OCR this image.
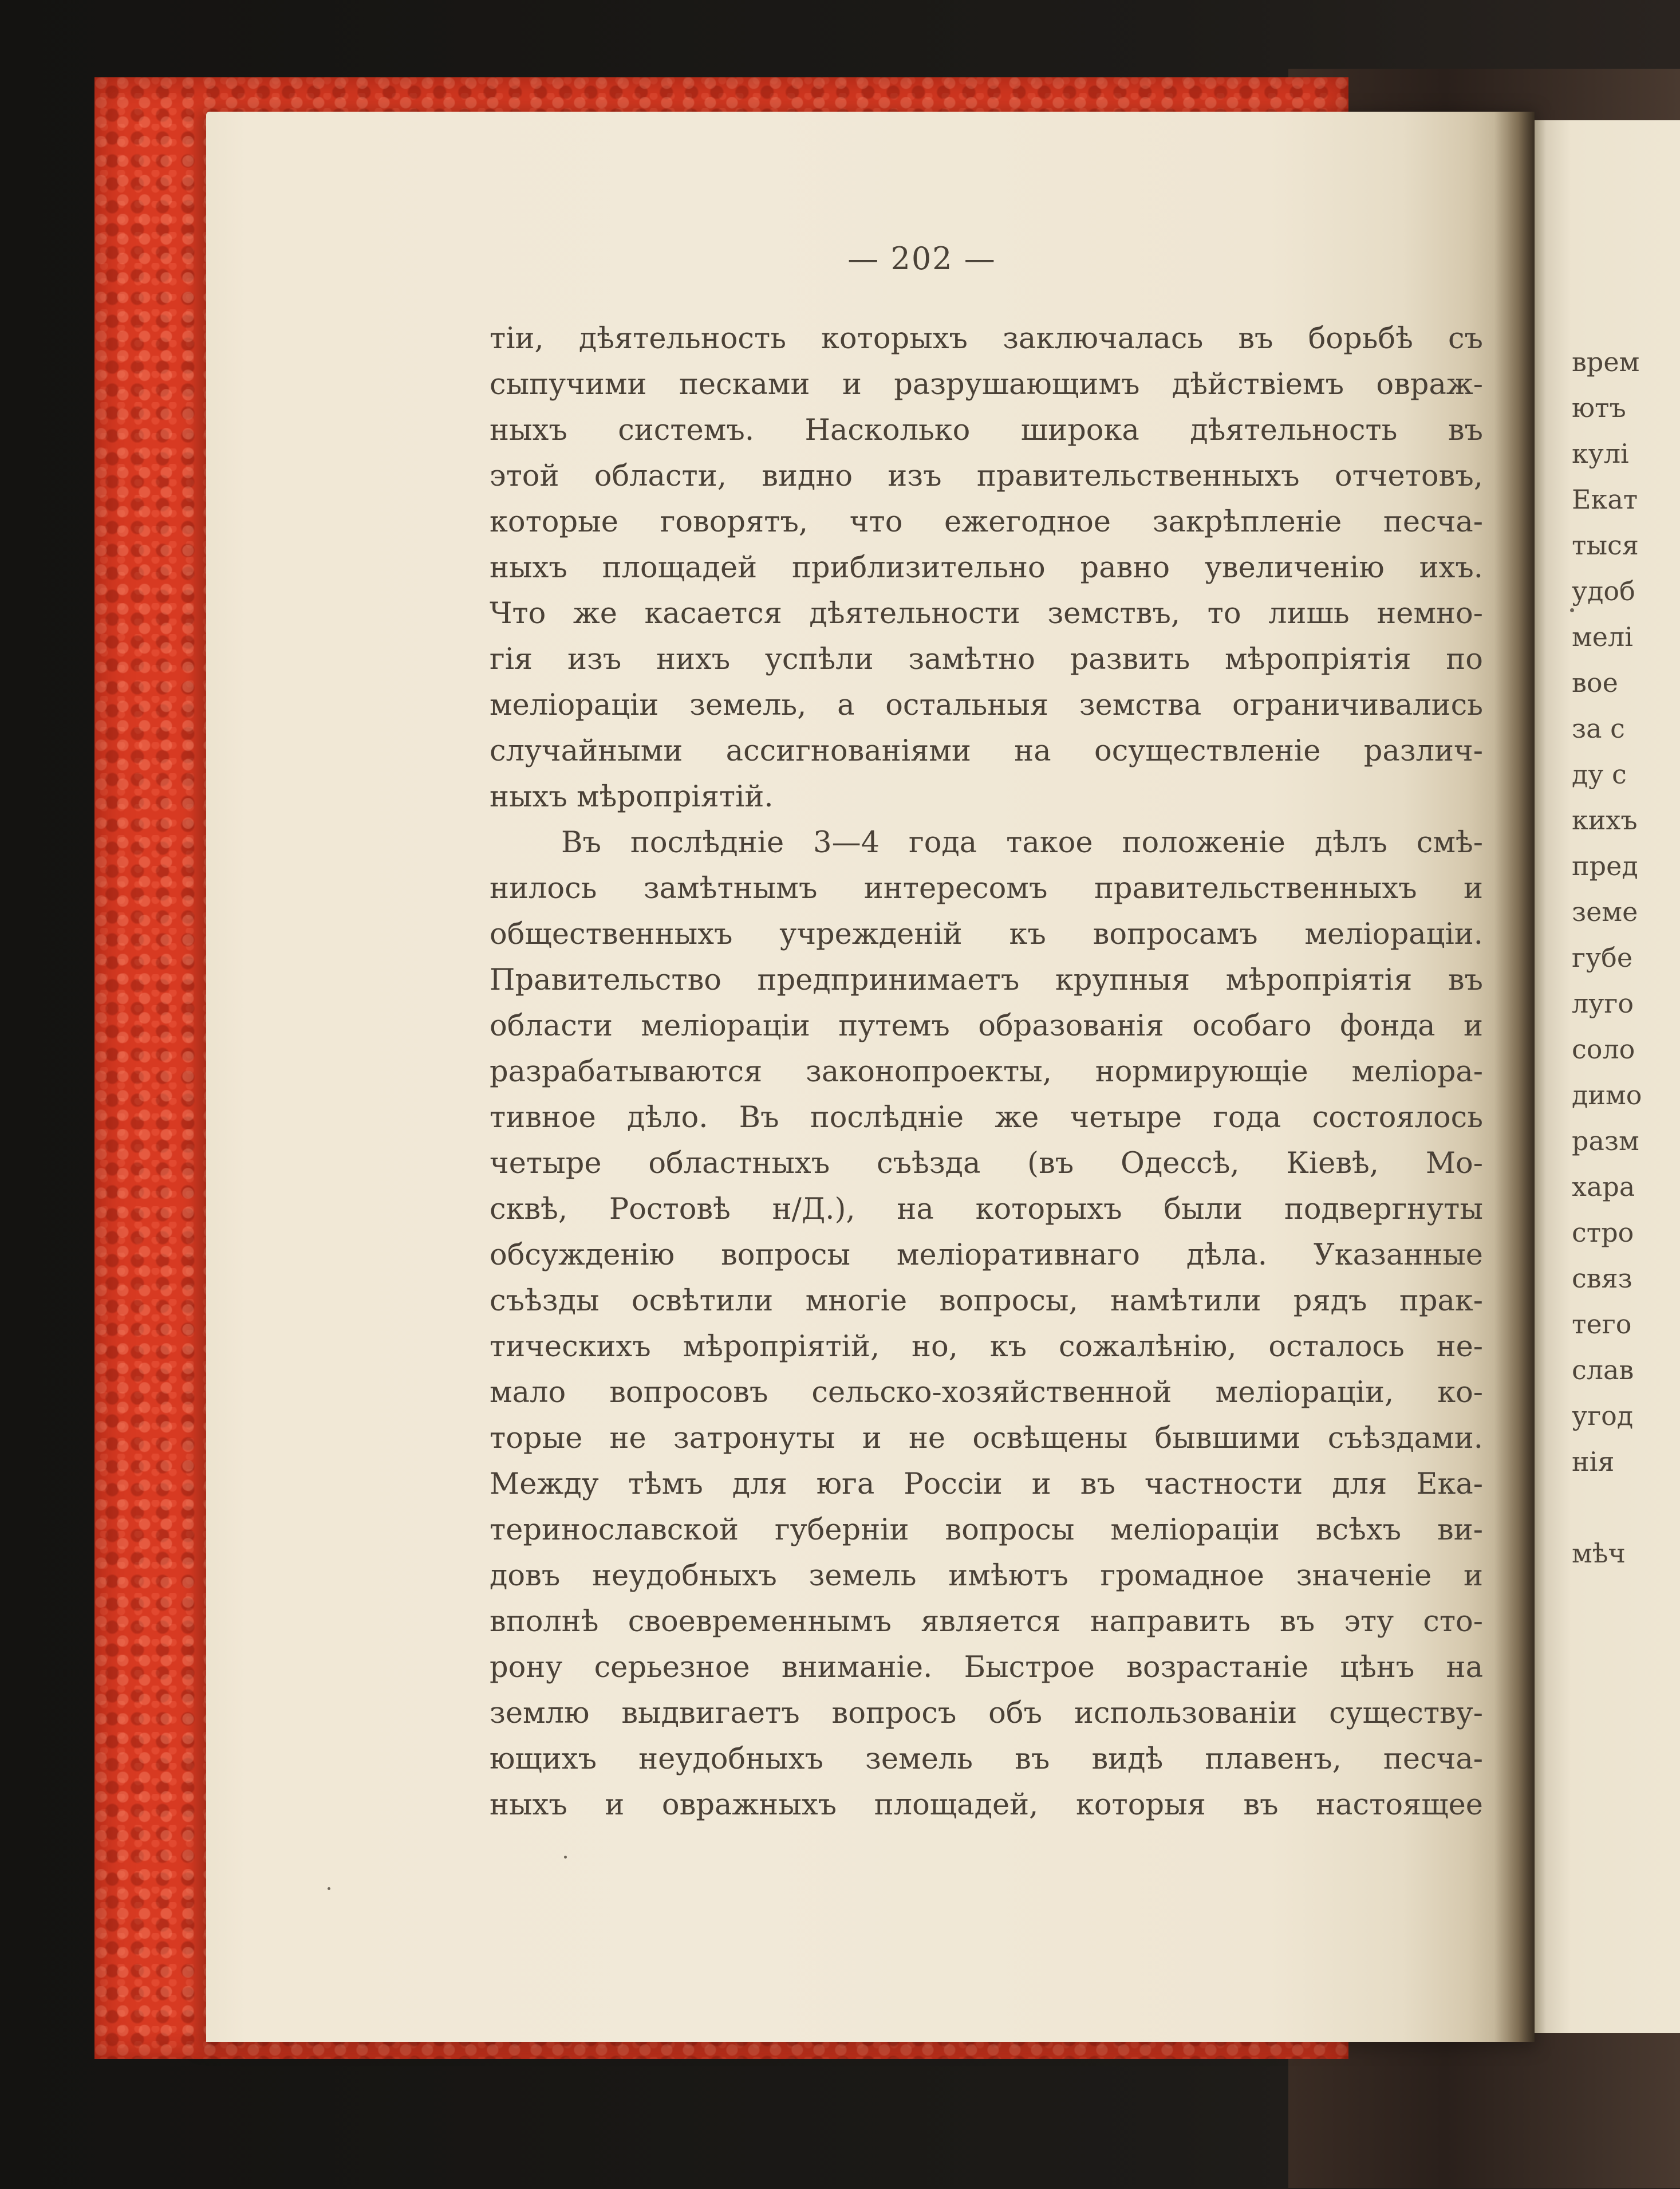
— 202 —
тіи, дѣятельность которыхъ заключалась въ борьбѣ съ
сыпучими песками и разрушающимъ дѣйствіемъ овраж-
ныхъ системъ. Насколько широка дѣятельность въ
этой области, видно изъ правительственныхъ отчетовъ,
которые говорятъ, что ежегодное закрѣпленіе песча-
ныхъ площадей приблизительно равно увеличенію ихъ.
Что же касается дѣятельности земствъ, то лишь немно-
гія изъ нихъ успѣли замѣтно развить мѣропріятія по
меліораціи земель, а остальныя земства ограничивались
случайными ассигнованіями на осуществленіе различ-
ныхъ мѣропріятій.
Въ послѣдніе 3—4 года такое положеніе дѣлъ смѣ-
нилось замѣтнымъ интересомъ правительственныхъ и
общественныхъ учрежденій къ вопросамъ меліораціи.
Правительство предпринимаетъ крупныя мѣропріятія въ
области меліораціи путемъ образованія особаго фонда и
разрабатываются законопроекты, нормирующіе меліора-
тивное дѣло. Въ послѣдніе же четыре года состоялось
четыре областныхъ съѣзда (въ Одессѣ, Кіевѣ, Мо-
сквѣ, Ростовѣ н/Д.), на которыхъ были подвергнуты
обсужденію вопросы меліоративнаго дѣла. Указанные
съѣзды освѣтили многіе вопросы, намѣтили рядъ прак-
тическихъ мѣропріятій, но, къ сожалѣнію, осталось не-
мало вопросовъ сельско-хозяйственной меліораціи, ко-
торые не затронуты и не освѣщены бывшими съѣздами.
Между тѣмъ для юга Россіи и въ частности для Ека-
теринославской губерніи вопросы меліораціи всѣхъ ви-
довъ неудобныхъ земель имѣютъ громадное значеніе и
вполнѣ своевременнымъ является направить въ эту сто-
рону серьезное вниманіе. Быстрое возрастаніе цѣнъ на
землю выдвигаетъ вопросъ объ использованіи существу-
ющихъ неудобныхъ земель въ видѣ плавенъ, песча-
ныхъ и овражныхъ площадей, которыя въ настоящее
врем
ютъ
кулі
Екат
тыся
удоб
мелі
вое
за с
ду с
кихъ
пред
земе
губе
луго
соло
димо
разм
хара
стро
связ
тего
слав
угод
нія
мѣч
